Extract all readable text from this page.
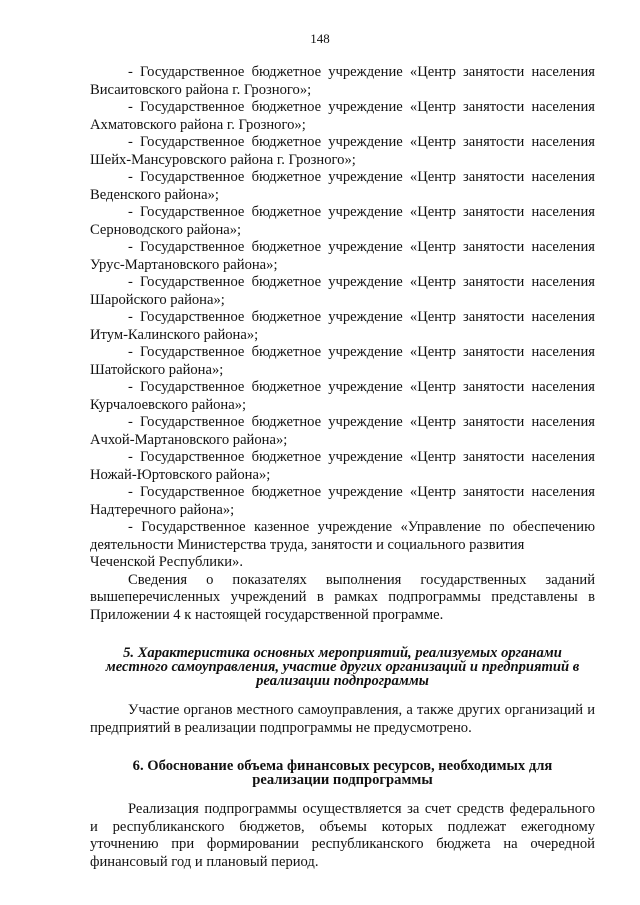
148
- Государственное бюджетное учреждение «Центр занятости населения
Висаитовского района г. Грозного»;
- Государственное бюджетное учреждение «Центр занятости населения
Ахматовского района г. Грозного»;
- Государственное бюджетное учреждение «Центр занятости населения
Шейх-Мансуровского района г. Грозного»;
- Государственное бюджетное учреждение «Центр занятости населения
Веденского района»;
- Государственное бюджетное учреждение «Центр занятости населения
Серноводского района»;
- Государственное бюджетное учреждение «Центр занятости населения
Урус-Мартановского района»;
- Государственное бюджетное учреждение «Центр занятости населения
Шаройского района»;
- Государственное бюджетное учреждение «Центр занятости населения
Итум-Калинского района»;
- Государственное бюджетное учреждение «Центр занятости населения
Шатойского района»;
- Государственное бюджетное учреждение «Центр занятости населения
Курчалоевского района»;
- Государственное бюджетное учреждение «Центр занятости населения
Ачхой-Мартановского района»;
- Государственное бюджетное учреждение «Центр занятости населения
Ножай-Юртовского района»;
- Государственное бюджетное учреждение «Центр занятости населения
Надтеречного района»;
- Государственное казенное учреждение «Управление по обеспечению
деятельности Министерства труда, занятости и социального развития
Чеченской Республики».
Сведения о показателях выполнения государственных заданий вышеперечисленных учреждений в рамках подпрограммы представлены в Приложении 4 к настоящей государственной программе.
5. Характеристика основных мероприятий, реализуемых органами местного самоуправления, участие других организаций и предприятий в реализации подпрограммы
Участие органов местного самоуправления, а также других организаций и предприятий в реализации подпрограммы не предусмотрено.
6. Обоснование объема финансовых ресурсов, необходимых для реализации подпрограммы
Реализация подпрограммы осуществляется за счет средств федерального и республиканского бюджетов, объемы которых подлежат ежегодному уточнению при формировании республиканского бюджета на очередной финансовый год и плановый период.
